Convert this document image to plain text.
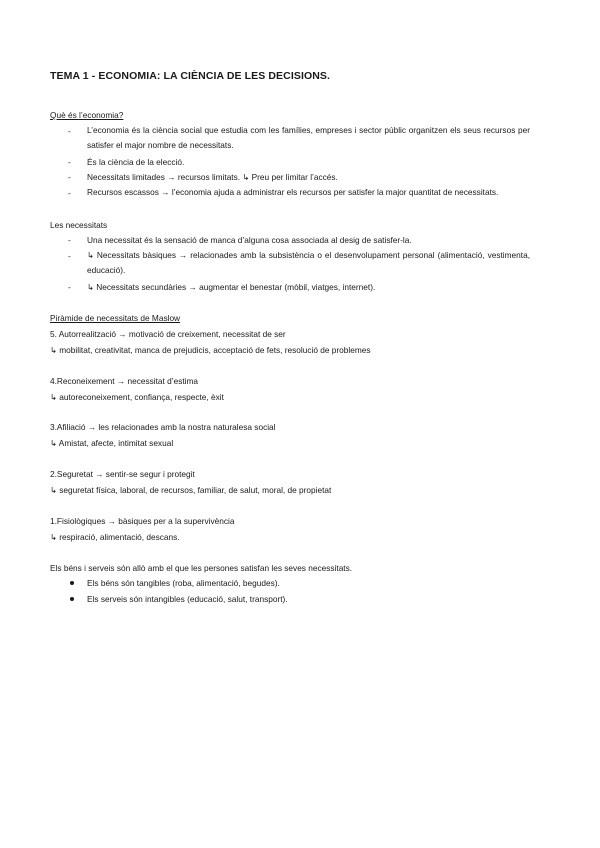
TEMA 1 - ECONOMIA: LA CIÈNCIA DE LES DECISIONS.
Què és l’economia?
- L’economia és la ciència social que estudia com les famílies, empreses i sector públic organitzen els seus recursos per satisfer el major nombre de necessitats.
- És la ciència de la elecció.
- Necessitats limitades → recursos limitats. ↳ Preu per limitar l’accés.
- Recursos escassos → l’economia ajuda a administrar els recursos per satisfer la major quantitat de necessitats.
Les necessitats
- Una necessitat és la sensació de manca d’alguna cosa associada al desig de satisfer-la.
- ↳ Necessitats bàsiques → relacionades amb la subsistència o el desenvolupament personal (alimentació, vestimenta, educació).
- ↳ Necessitats secundàries → augmentar el benestar (mòbil, viatges, internet).
Piràmide de necessitats de Maslow
5. Autorrealització → motivació de creixement, necessitat de ser
↳ mobilitat, creativitat, manca de prejudicis, acceptació de fets, resolució de problemes
4.Reconeixement → necessitat d’estima
↳ autoreconeixement, confiança, respecte, èxit
3.Afiliació → les relacionades amb la nostra naturalesa social
↳ Amistat, afecte, intimitat sexual
2.Seguretat → sentir-se segur i protegit
↳ seguretat física, laboral, de recursos, familiar, de salut, moral, de propietat
1.Fisiològiques → bàsiques per a la supervivència
↳ respiració, alimentació, descans.
Els béns i serveis són allò amb el que les persones satisfan les seves necessitats.
Els béns són tangibles (roba, alimentació, begudes).
Els serveis són intangibles (educació, salut, transport).
